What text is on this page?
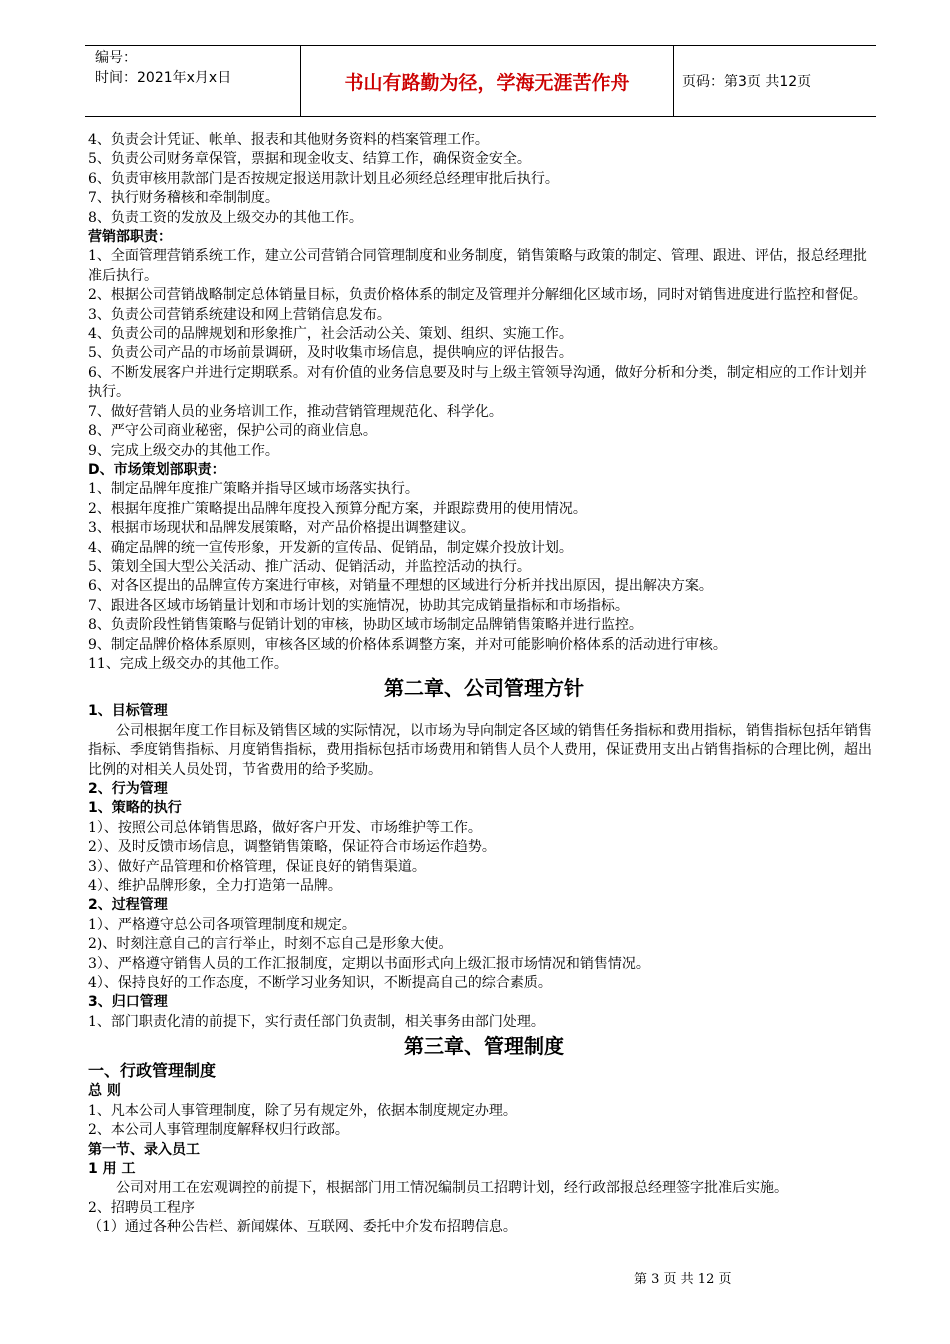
编号：
时间：2021年x月x日	书山有路勤为径，学海无涯苦作舟	页码：第3页 共12页

4、负责会计凭证、帐单、报表和其他财务资料的档案管理工作。

5、负责公司财务章保管，票据和现金收支、结算工作，确保资金安全。

6、负责审核用款部门是否按规定报送用款计划且必须经总经理审批后执行。

7、执行财务稽核和牵制制度。

8、负责工资的发放及上级交办的其他工作。

营销部职责：

1、全面管理营销系统工作，建立公司营销合同管理制度和业务制度，销售策略与政策的制定、管理、跟进、评估，报总经理批准后执行。

2、根据公司营销战略制定总体销量目标，负责价格体系的制定及管理并分解细化区域市场，同时对销售进度进行监控和督促。

3、负责公司营销系统建设和网上营销信息发布。

4、负责公司的品牌规划和形象推广，社会活动公关、策划、组织、实施工作。

5、负责公司产品的市场前景调研，及时收集市场信息，提供响应的评估报告。

6、不断发展客户并进行定期联系。对有价值的业务信息要及时与上级主管领导沟通，做好分析和分类，制定相应的工作计划并执行。

7、做好营销人员的业务培训工作，推动营销管理规范化、科学化。

8、严守公司商业秘密，保护公司的商业信息。

9、完成上级交办的其他工作。

D、市场策划部职责：

1、制定品牌年度推广策略并指导区域市场落实执行。

2、根据年度推广策略提出品牌年度投入预算分配方案，并跟踪费用的使用情况。

3、根据市场现状和品牌发展策略，对产品价格提出调整建议。

4、确定品牌的统一宣传形象，开发新的宣传品、促销品，制定媒介投放计划。

5、策划全国大型公关活动、推广活动、促销活动，并监控活动的执行。

6、对各区提出的品牌宣传方案进行审核，对销量不理想的区域进行分析并找出原因，提出解决方案。

7、跟进各区域市场销量计划和市场计划的实施情况，协助其完成销量指标和市场指标。

8、负责阶段性销售策略与促销计划的审核，协助区域市场制定品牌销售策略并进行监控。

9、制定品牌价格体系原则，审核各区域的价格体系调整方案，并对可能影响价格体系的活动进行审核。

11、完成上级交办的其他工作。

第二章、公司管理方针

1、目标管理

公司根据年度工作目标及销售区域的实际情况，以市场为导向制定各区域的销售任务指标和费用指标，销售指标包括年销售指标、季度销售指标、月度销售指标，费用指标包括市场费用和销售人员个人费用，保证费用支出占销售指标的合理比例，超出比例的对相关人员处罚，节省费用的给予奖励。

2、行为管理

1、策略的执行

1）、按照公司总体销售思路，做好客户开发、市场维护等工作。

2）、及时反馈市场信息，调整销售策略，保证符合市场运作趋势。

3）、做好产品管理和价格管理，保证良好的销售渠道。

4）、维护品牌形象，全力打造第一品牌。

2、过程管理

1）、严格遵守总公司各项管理制度和规定。

2)、时刻注意自己的言行举止，时刻不忘自己是形象大使。

3）、严格遵守销售人员的工作汇报制度，定期以书面形式向上级汇报市场情况和销售情况。

4）、保持良好的工作态度，不断学习业务知识，不断提高自己的综合素质。

3、归口管理

1、部门职责化清的前提下，实行责任部门负责制，相关事务由部门处理。

第三章、管理制度

一、行政管理制度

总 则

1、凡本公司人事管理制度，除了另有规定外，依据本制度规定办理。

2、本公司人事管理制度解释权归行政部。

第一节、录入员工

1 用 工

公司对用工在宏观调控的前提下，根据部门用工情况编制员工招聘计划，经行政部报总经理签字批准后实施。

2、招聘员工程序

（1）通过各种公告栏、新闻媒体、互联网、委托中介发布招聘信息。

第 3 页 共 12 页
